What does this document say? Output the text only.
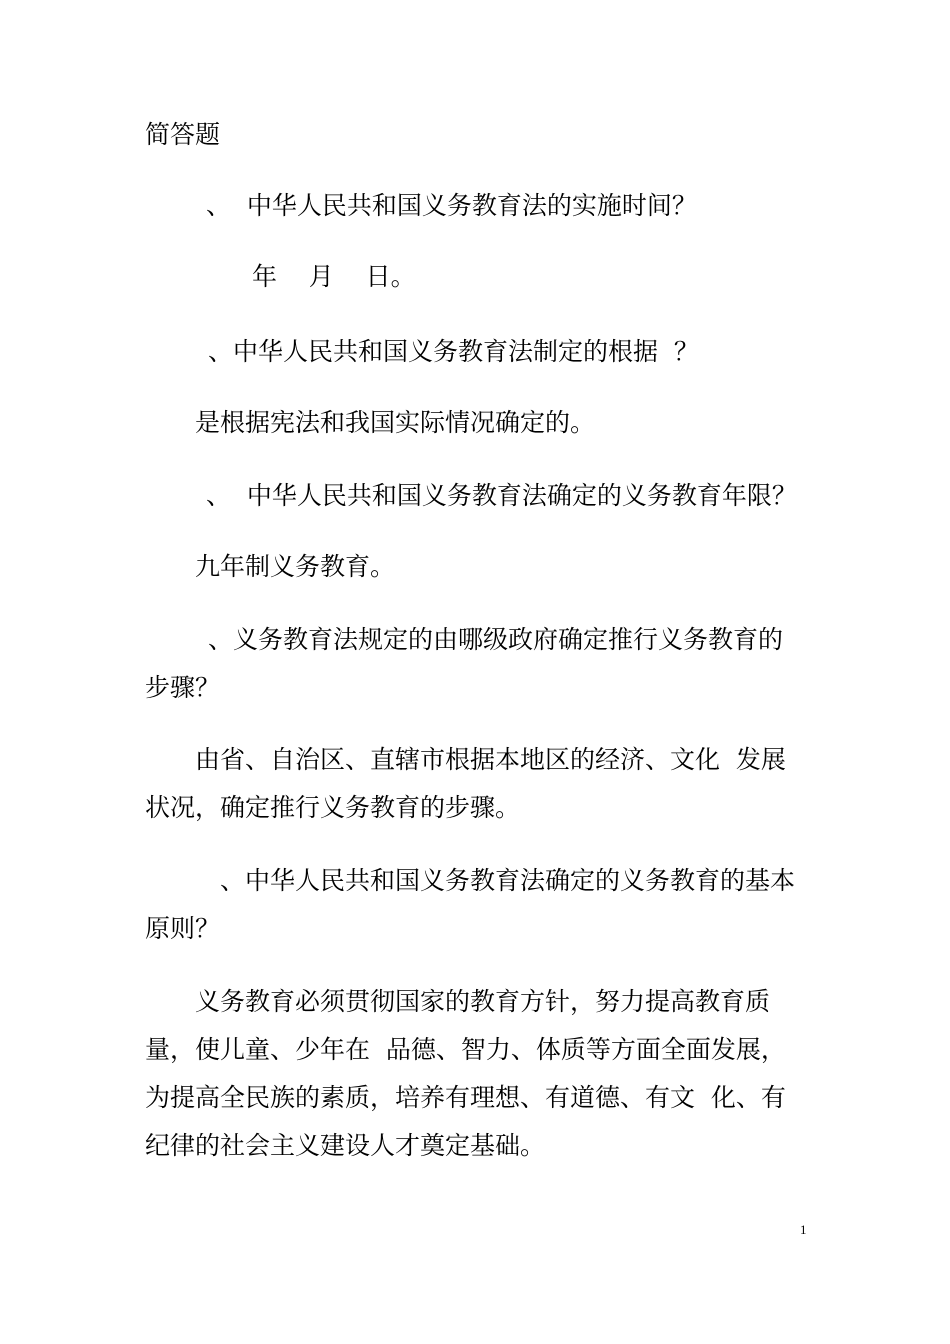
简答题

、  中华人民共和国义务教育法的实施时间？

年    月    日。

、中华人民共和国义务教育法制定的根据  ？

是根据宪法和我国实际情况确定的。

、  中华人民共和国义务教育法确定的义务教育年限？

九年制义务教育。

、义务教育法规定的由哪级政府确定推行义务教育的

步骤？

由省、自治区、直辖市根据本地区的经济、文化  发展

状况，确定推行义务教育的步骤。

、中华人民共和国义务教育法确定的义务教育的基本

原则？

义务教育必须贯彻国家的教育方针，努力提高教育质

量，使儿童、少年在  品德、智力、体质等方面全面发展，

为提高全民族的素质，培养有理想、有道德、有文  化、有

纪律的社会主义建设人才奠定基础。

1
